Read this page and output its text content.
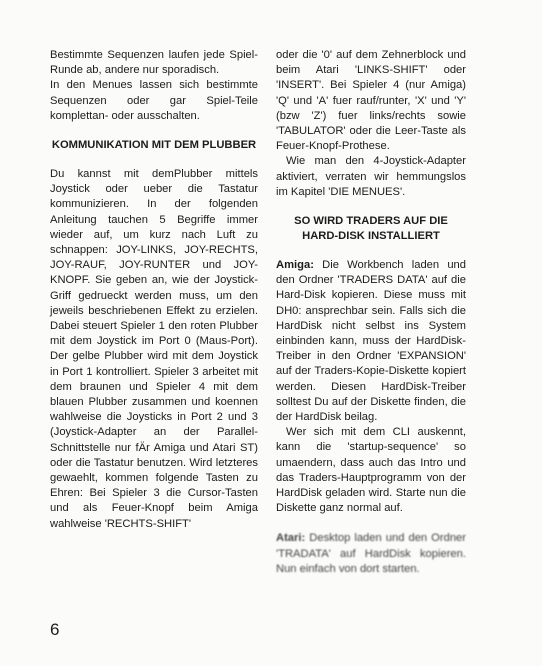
Bestimmte Sequenzen laufen jede Spiel-Runde ab, andere nur sporadisch.

In den Menues lassen sich bestimmte Sequenzen oder gar Spiel-Teile komplettan- oder ausschalten.

KOMMUNIKATION MIT DEM PLUBBER

Du kannst mit demPlubber mittels Joystick oder ueber die Tastatur kommunizieren. In der folgenden Anleitung tauchen 5 Begriffe immer wieder auf, um kurz nach Luft zu schnappen: JOY-LINKS, JOY-RECHTS, JOY-RAUF, JOY-RUNTER und JOY-KNOPF. Sie geben an, wie der Joystick-Griff gedrueckt werden muss, um den jeweils beschriebenen Effekt zu erzielen. Dabei steuert Spieler 1 den roten Plubber mit dem Joystick im Port 0 (Maus-Port). Der gelbe Plubber wird mit dem Joystick in Port 1 kontrolliert. Spieler 3 arbeitet mit dem braunen und Spieler 4 mit dem blauen Plubber zusammen und koennen wahlweise die Joysticks in Port 2 und 3 (Joystick-Adapter an der Parallel-Schnittstelle nur fÄr Amiga und Atari ST) oder die Tastatur benutzen. Wird letzteres gewaehlt, kommen folgende Tasten zu Ehren: Bei Spieler 3 die Cursor-Tasten und als Feuer-Knopf beim Amiga wahlweise 'RECHTS-SHIFT'

oder die '0' auf dem Zehnerblock und beim Atari 'LINKS-SHIFT' oder 'INSERT'. Bei Spieler 4 (nur Amiga) 'Q' und 'A' fuer rauf/runter, 'X' und 'Y' (bzw 'Z') fuer links/rechts sowie 'TABULATOR' oder die Leer-Taste als Feuer-Knopf-Prothese.

Wie man den 4-Joystick-Adapter aktiviert, verraten wir hemmungslos im Kapitel 'DIE MENUES'.

SO WIRD TRADERS AUF DIE HARD-DISK INSTALLIERT

Amiga: Die Workbench laden und den Ordner 'TRADERS DATA' auf die Hard-Disk kopieren. Diese muss mit DH0: ansprechbar sein. Falls sich die HardDisk nicht selbst ins System einbinden kann, muss der HardDisk-Treiber in den Ordner 'EXPANSION' auf der Traders-Kopie-Diskette kopiert werden. Diesen HardDisk-Treiber solltest Du auf der Diskette finden, die der HardDisk beilag.

Wer sich mit dem CLI auskennt, kann die 'startup-sequence' so umaendern, dass auch das Intro und das Traders-Hauptprogramm von der HardDisk geladen wird. Starte nun die Diskette ganz normal auf.

Atari: Desktop laden und den Ordner 'TRADATA' auf HardDisk kopieren. Nun einfach von dort starten.

6
